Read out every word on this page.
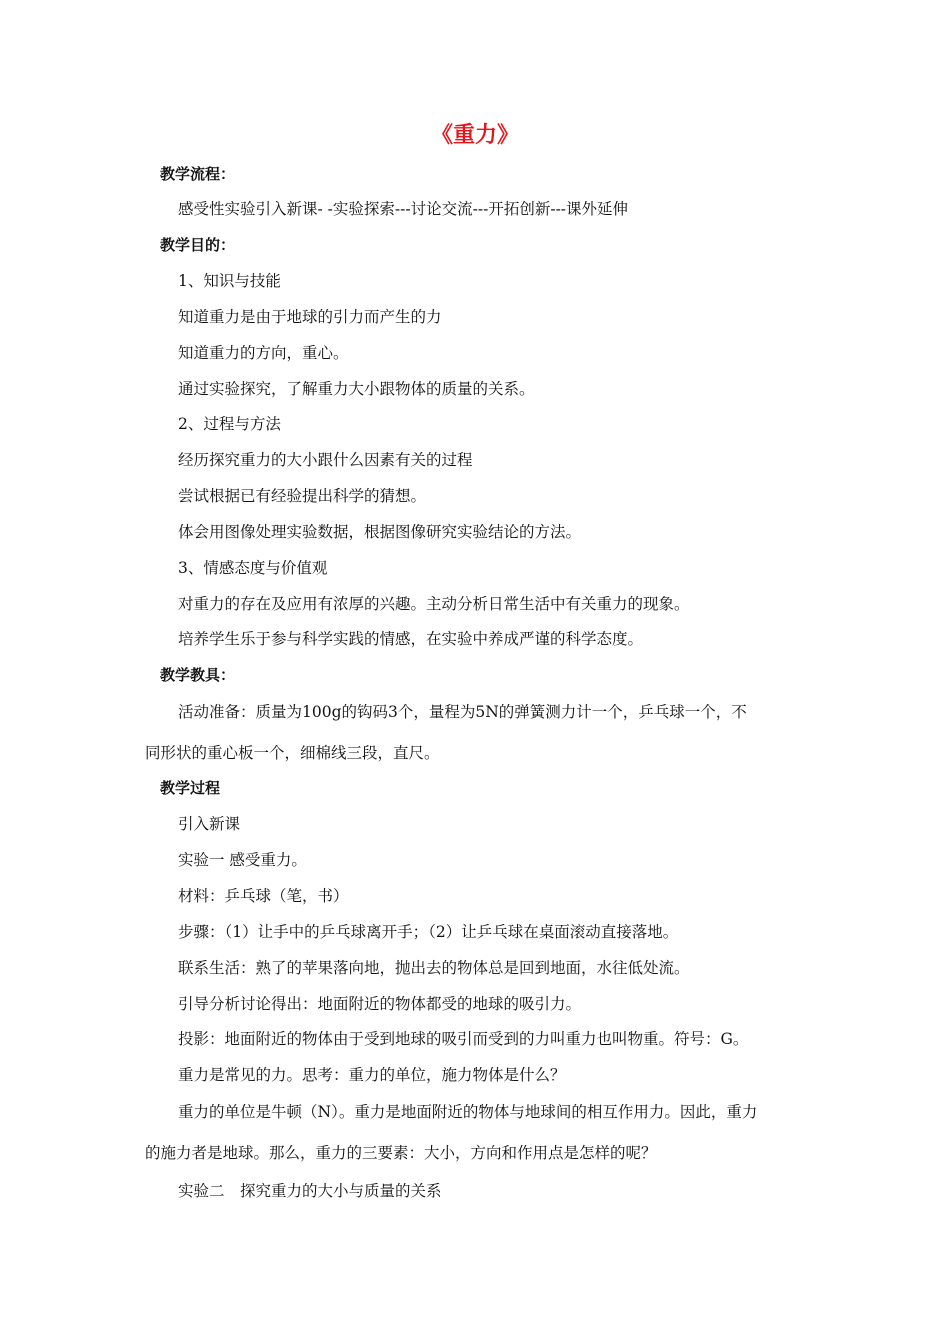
《重力》
教学流程：
感受性实验引入新课- -实验探索---讨论交流---开拓创新---课外延伸
教学目的：
1、知识与技能
知道重力是由于地球的引力而产生的力
知道重力的方向，重心。
通过实验探究，了解重力大小跟物体的质量的关系。
2、过程与方法
经历探究重力的大小跟什么因素有关的过程
尝试根据已有经验提出科学的猜想。
体会用图像处理实验数据，根据图像研究实验结论的方法。
3、情感态度与价值观
对重力的存在及应用有浓厚的兴趣。主动分析日常生活中有关重力的现象。
培养学生乐于参与科学实践的情感，在实验中养成严谨的科学态度。
教学教具：
活动准备：质量为100g的钩码3个，量程为5N的弹簧测力计一个，乒乓球一个，不
同形状的重心板一个，细棉线三段，直尺。
教学过程
引入新课
实验一 感受重力。
材料：乒乓球（笔，书）
步骤：（1）让手中的乒乓球离开手；（2）让乒乓球在桌面滚动直接落地。
联系生活：熟了的苹果落向地，抛出去的物体总是回到地面，水往低处流。
引导分析讨论得出：地面附近的物体都受的地球的吸引力。
投影：地面附近的物体由于受到地球的吸引而受到的力叫重力也叫物重。符号：G。
重力是常见的力。思考：重力的单位，施力物体是什么？
重力的单位是牛顿（N）。重力是地面附近的物体与地球间的相互作用力。因此，重力
的施力者是地球。那么，重力的三要素：大小，方向和作用点是怎样的呢？
实验二　探究重力的大小与质量的关系
